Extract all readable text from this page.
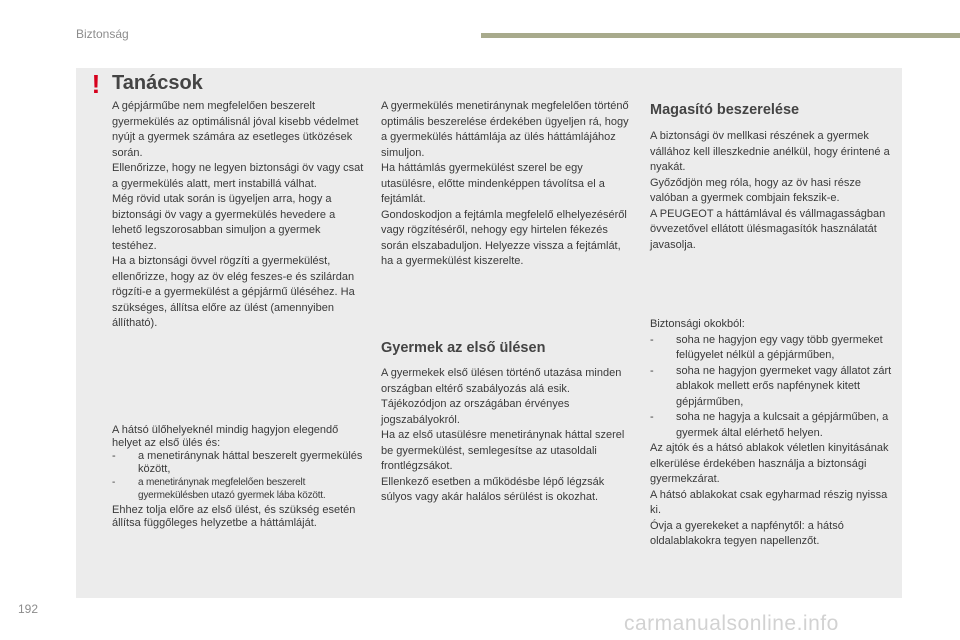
Biztonság
! Tanácsok

A gépjárműbe nem megfelelően beszerelt gyermekülés az optimálisnál jóval kisebb védelmet nyújt a gyermek számára az esetleges ütközések során.

Ellenőrizze, hogy ne legyen biztonsági öv vagy csat a gyermekülés alatt, mert instabillá válhat.

Még rövid utak során is ügyeljen arra, hogy a biztonsági öv vagy a gyermekülés hevedere a lehető legszorosabban simuljon a gyermek testéhez.

Ha a biztonsági övvel rögzíti a gyermekülést, ellenőrizze, hogy az öv elég feszes-e és szilárdan rögzíti-e a gyermekülést a gépjármű üléséhez. Ha szükséges, állítsa előre az ülést (amennyiben állítható).

A hátsó ülőhelyeknél mindig hagyjon elegendő helyet az első ülés és:

- a menetiránynak háttal beszerelt gyermekülés között,
- a menetiránynak megfelelően beszerelt gyermekülésben utazó gyermek lába között.

Ehhez tolja előre az első ülést, és szükség esetén állítsa függőleges helyzetbe a háttámláját.

A gyermekülés menetiránynak megfelelően történő optimális beszerelése érdekében ügyeljen rá, hogy a gyermekülés háttámlája az ülés háttámlájához simuljon.

Ha háttámlás gyermekülést szerel be egy utasülésre, előtte mindenképpen távolítsa el a fejtámlát.

Gondoskodjon a fejtámla megfelelő elhelyezéséről vagy rögzítéséről, nehogy egy hirtelen fékezés során elszabaduljon. Helyezze vissza a fejtámlát, ha a gyermekülést kiszerelte.

Gyermek az első ülésen

A gyermekek első ülésen történő utazása minden országban eltérő szabályozás alá esik. Tájékozódjon az országában érvényes jogszabályokról.

Ha az első utasülésre menetiránynak háttal szerel be gyermekülést, semlegesítse az utasoldali frontlégzsákot.

Ellenkező esetben a működésbe lépő légzsák súlyos vagy akár halálos sérülést is okozhat.

Magasító beszerelése

A biztonsági öv mellkasi részének a gyermek vállához kell illeszkednie anélkül, hogy érintené a nyakát.

Győződjön meg róla, hogy az öv hasi része valóban a gyermek combjain fekszik-e.

A PEUGEOT a háttámlával és vállmagasságban övvezetővel ellátott ülésmagasítók használatát javasolja.

Biztonsági okokból:

- soha ne hagyjon egy vagy több gyermeket felügyelet nélkül a gépjárműben,
- soha ne hagyjon gyermeket vagy állatot zárt ablakok mellett erős napfénynek kitett gépjárműben,
- soha ne hagyja a kulcsait a gépjárműben, a gyermek által elérhető helyen.

Az ajtók és a hátsó ablakok véletlen kinyitásának elkerülése érdekében használja a biztonsági gyermekzárat.

A hátsó ablakokat csak egyharmad részig nyissa ki.

Óvja a gyerekeket a napfénytől: a hátsó oldalablakokra tegyen napellenzőt.

192
carmanualsonline.info
